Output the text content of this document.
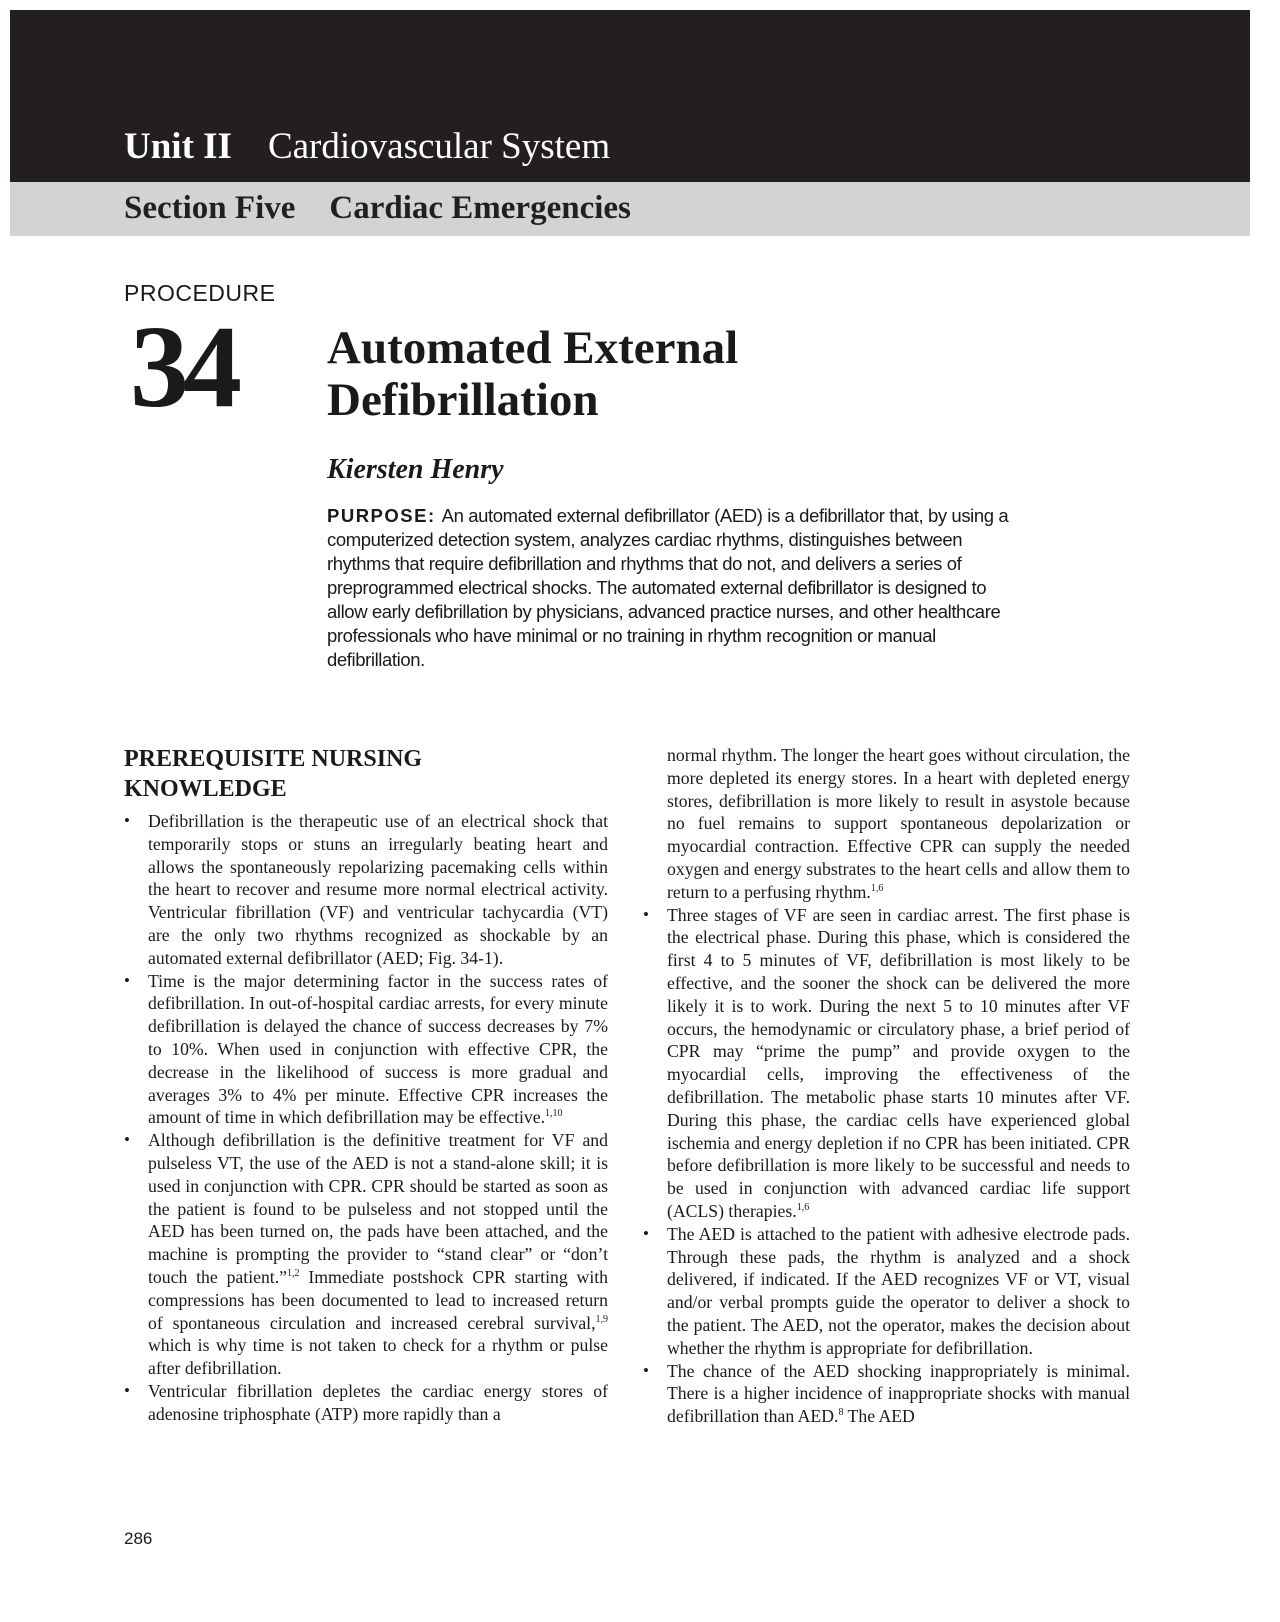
Unit II Cardiovascular System
Section Five Cardiac Emergencies
PROCEDURE
34 Automated External
Defibrillation
Kiersten Henry

PURPOSE: An automated external defibrillator (AED) is a defibrillator that, by using a computerized detection system, analyzes cardiac rhythms, distinguishes between rhythms that require defibrillation and rhythms that do not, and delivers a series of preprogrammed electrical shocks. The automated external defibrillator is designed to allow early defibrillation by physicians, advanced practice nurses, and other healthcare professionals who have minimal or no training in rhythm recognition or manual defibrillation.

PREREQUISITE NURSING
KNOWLEDGE
• Defibrillation is the therapeutic use of an electrical shock that temporarily stops or stuns an irregularly beating heart and allows the spontaneously repolarizing pacemaking cells within the heart to recover and resume more normal electrical activity. Ventricular fibrillation (VF) and ventricular tachycardia (VT) are the only two rhythms recognized as shockable by an automated external defibrillator (AED; Fig. 34-1).
• Time is the major determining factor in the success rates of defibrillation. In out-of-hospital cardiac arrests, for every minute defibrillation is delayed the chance of success decreases by 7% to 10%. When used in conjunction with effective CPR, the decrease in the likelihood of success is more gradual and averages 3% to 4% per minute. Effective CPR increases the amount of time in which defibrillation may be effective.$^{1,10}$
• Although defibrillation is the definitive treatment for VF and pulseless VT, the use of the AED is not a stand-alone skill; it is used in conjunction with CPR. CPR should be started as soon as the patient is found to be pulseless and not stopped until the AED has been turned on, the pads have been attached, and the machine is prompting the provider to “stand clear” or “don’t touch the patient.”$^{1,2}$ Immediate postshock CPR starting with compressions has been documented to lead to increased return of spontaneous circulation and increased cerebral survival,$^{1,9}$ which is why time is not taken to check for a rhythm or pulse after defibrillation.
• Ventricular fibrillation depletes the cardiac energy stores of adenosine triphosphate (ATP) more rapidly than a

normal rhythm. The longer the heart goes without circulation, the more depleted its energy stores. In a heart with depleted energy stores, defibrillation is more likely to result in asystole because no fuel remains to support spontaneous depolarization or myocardial contraction. Effective CPR can supply the needed oxygen and energy substrates to the heart cells and allow them to return to a perfusing rhythm.$^{1,6}$

• Three stages of VF are seen in cardiac arrest. The first phase is the electrical phase. During this phase, which is considered the first 4 to 5 minutes of VF, defibrillation is most likely to be effective, and the sooner the shock can be delivered the more likely it is to work. During the next 5 to 10 minutes after VF occurs, the hemodynamic or circulatory phase, a brief period of CPR may “prime the pump” and provide oxygen to the myocardial cells, improving the effectiveness of the defibrillation. The metabolic phase starts 10 minutes after VF. During this phase, the cardiac cells have experienced global ischemia and energy depletion if no CPR has been initiated. CPR before defibrillation is more likely to be successful and needs to be used in conjunction with advanced cardiac life support (ACLS) therapies.$^{1,6}$
• The AED is attached to the patient with adhesive electrode pads. Through these pads, the rhythm is analyzed and a shock delivered, if indicated. If the AED recognizes VF or VT, visual and/or verbal prompts guide the operator to deliver a shock to the patient. The AED, not the operator, makes the decision about whether the rhythm is appropriate for defibrillation.
• The chance of the AED shocking inappropriately is minimal. There is a higher incidence of inappropriate shocks with manual defibrillation than AED.$^8$ The AED
286
